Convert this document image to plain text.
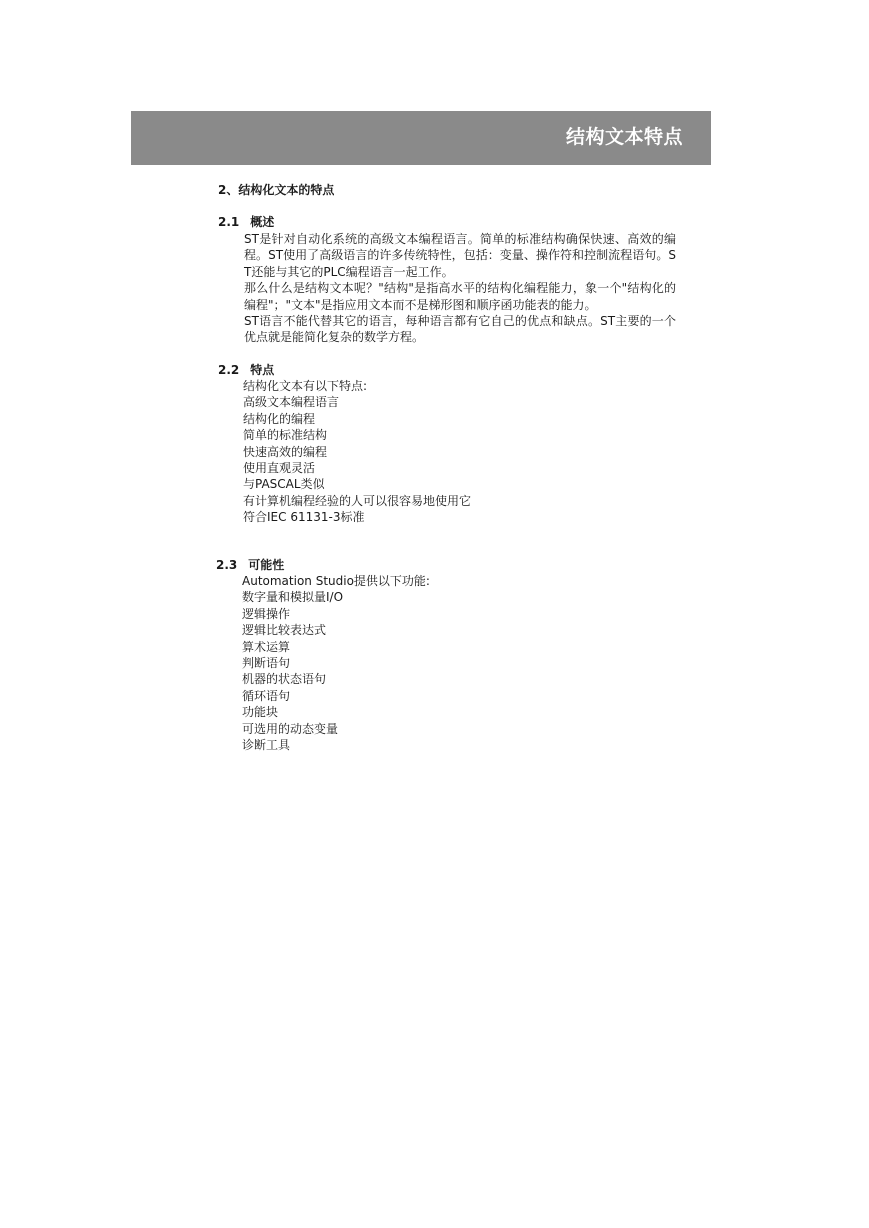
结构文本特点
2、结构化文本的特点
2.1 概述
ST是针对自动化系统的高级文本编程语言。简单的标准结构确保快速、高效的编程。ST使用了高级语言的许多传统特性，包括：变量、操作符和控制流程语句。ST还能与其它的PLC编程语言一起工作。
那么什么是结构文本呢？"结构"是指高水平的结构化编程能力，象一个"结构化的编程"；"文本"是指应用文本而不是梯形图和顺序函功能表的能力。
ST语言不能代替其它的语言，每种语言都有它自己的优点和缺点。ST主要的一个优点就是能简化复杂的数学方程。
2.2 特点
结构化文本有以下特点:
高级文本编程语言
结构化的编程
简单的标准结构
快速高效的编程
使用直观灵活
与PASCAL类似
有计算机编程经验的人可以很容易地使用它
符合IEC 61131-3标准
2.3 可能性
Automation Studio提供以下功能:
数字量和模拟量I/O
逻辑操作
逻辑比较表达式
算术运算
判断语句
机器的状态语句
循环语句
功能块
可选用的动态变量
诊断工具
